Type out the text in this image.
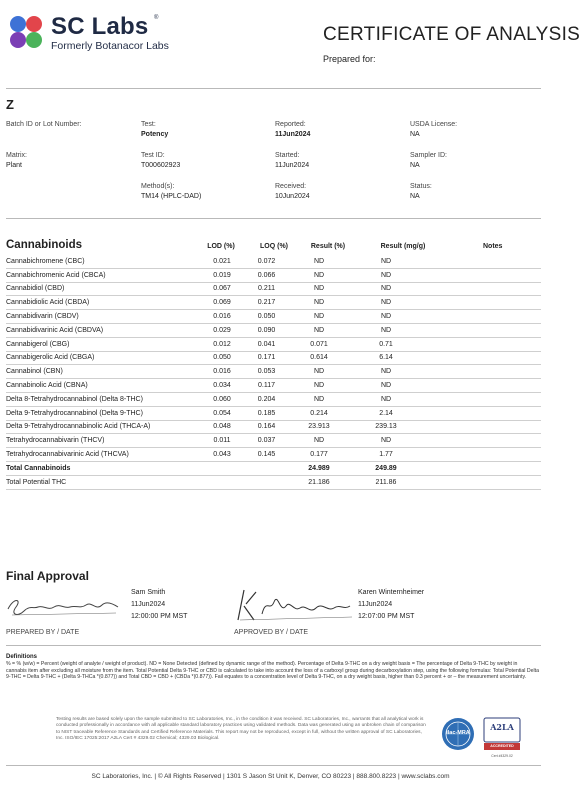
SC Labs ®
Formerly Botanacor Labs
CERTIFICATE OF ANALYSIS
Prepared for:
Z
Batch ID or Lot Number:	Test:
Potency
Reported:
11Jun2024
USDA License:
NA
Matrix:
Plant
Test ID:
T000602923
Started:
11Jun2024
Sampler ID:
NA
Method(s):
TM14 (HPLC-DAD)
Received:
10Jun2024
Status:
NA
Cannabinoids	LOD (%)	LOQ (%)	Result (%)	Result (mg/g)	Notes
Cannabichromene (CBC)	0.021	0.072	ND	ND	
Cannabichromenic Acid (CBCA)	0.019	0.066	ND	ND	
Cannabidiol (CBD)	0.067	0.211	ND	ND	
Cannabidiolic Acid (CBDA)	0.069	0.217	ND	ND	
Cannabidivarin (CBDV)	0.016	0.050	ND	ND	
Cannabidivarinic Acid (CBDVA)	0.029	0.090	ND	ND	
Cannabigerol (CBG)	0.012	0.041	0.071	0.71	
Cannabigerolic Acid (CBGA)	0.050	0.171	0.614	6.14	
Cannabinol (CBN)	0.016	0.053	ND	ND	
Cannabinolic Acid (CBNA)	0.034	0.117	ND	ND	
Delta 8-Tetrahydrocannabinol (Delta 8-THC)	0.060	0.204	ND	ND	
Delta 9-Tetrahydrocannabinol (Delta 9-THC)	0.054	0.185	0.214	2.14	
Delta 9-Tetrahydrocannabinolic Acid (THCA-A)	0.048	0.164	23.913	239.13	
Tetrahydrocannabivarin (THCV)	0.011	0.037	ND	ND	
Tetrahydrocannabivarinic Acid (THCVA)	0.043	0.145	0.177	1.77	
Total Cannabinoids			24.989	249.89	
Total Potential THC			21.186	211.86	
Final Approval
Sam Smith
11Jun2024
12:00:00 PM MST
PREPARED BY / DATE
Karen Winternheimer
11Jun2024
12:07:00 PM MST
APPROVED BY / DATE
Definitions
% = % (w/w) = Percent (weight of analyte / weight of product). ND = None Detected (defined by dynamic range of the method). Percentage of Delta 9-THC on a dry weight basis = The percentage of Delta 9-THC by weight in cannabis item after excluding all moisture from the item. Total Potential Delta 9-THC or CBD is calculated to take into account the loss of a carboxyl group during decarboxylation step, using the following formulas: Total Potential Delta 9-THC = Delta 9-THC + (Delta 9-THCa *(0.877)) and Total CBD = CBD + (CBDa *(0.877)). Fail equates to a concentration level of Delta 9-THC, on a dry weight basis, higher than 0.3 percent + or – the measurement uncertainty.
Testing results are based solely upon the sample submitted to SC Laboratories, Inc., in the condition it was received. SC Laboratories, Inc., warrants that all analytical work is conducted professionally in accordance with all applicable standard laboratory practices using validated methods. Data was generated using an unbroken chain of comparison to NIST traceable Reference Standards and Certified Reference Materials. This report may not be reproduced, except in full, without the written approval of SC Laboratories, Inc. ISO/IEC 17025:2017 A2LA Cert # 4329.02 Chemical; 4329.03 Biological.
ilac-MRA
A2LA
ACCREDITED
Cert #4329.02
SC Laboratories, Inc. | © All Rights Reserved | 1301 S Jason St Unit K, Denver, CO 80223 | 888.800.8223 | www.sclabs.com
